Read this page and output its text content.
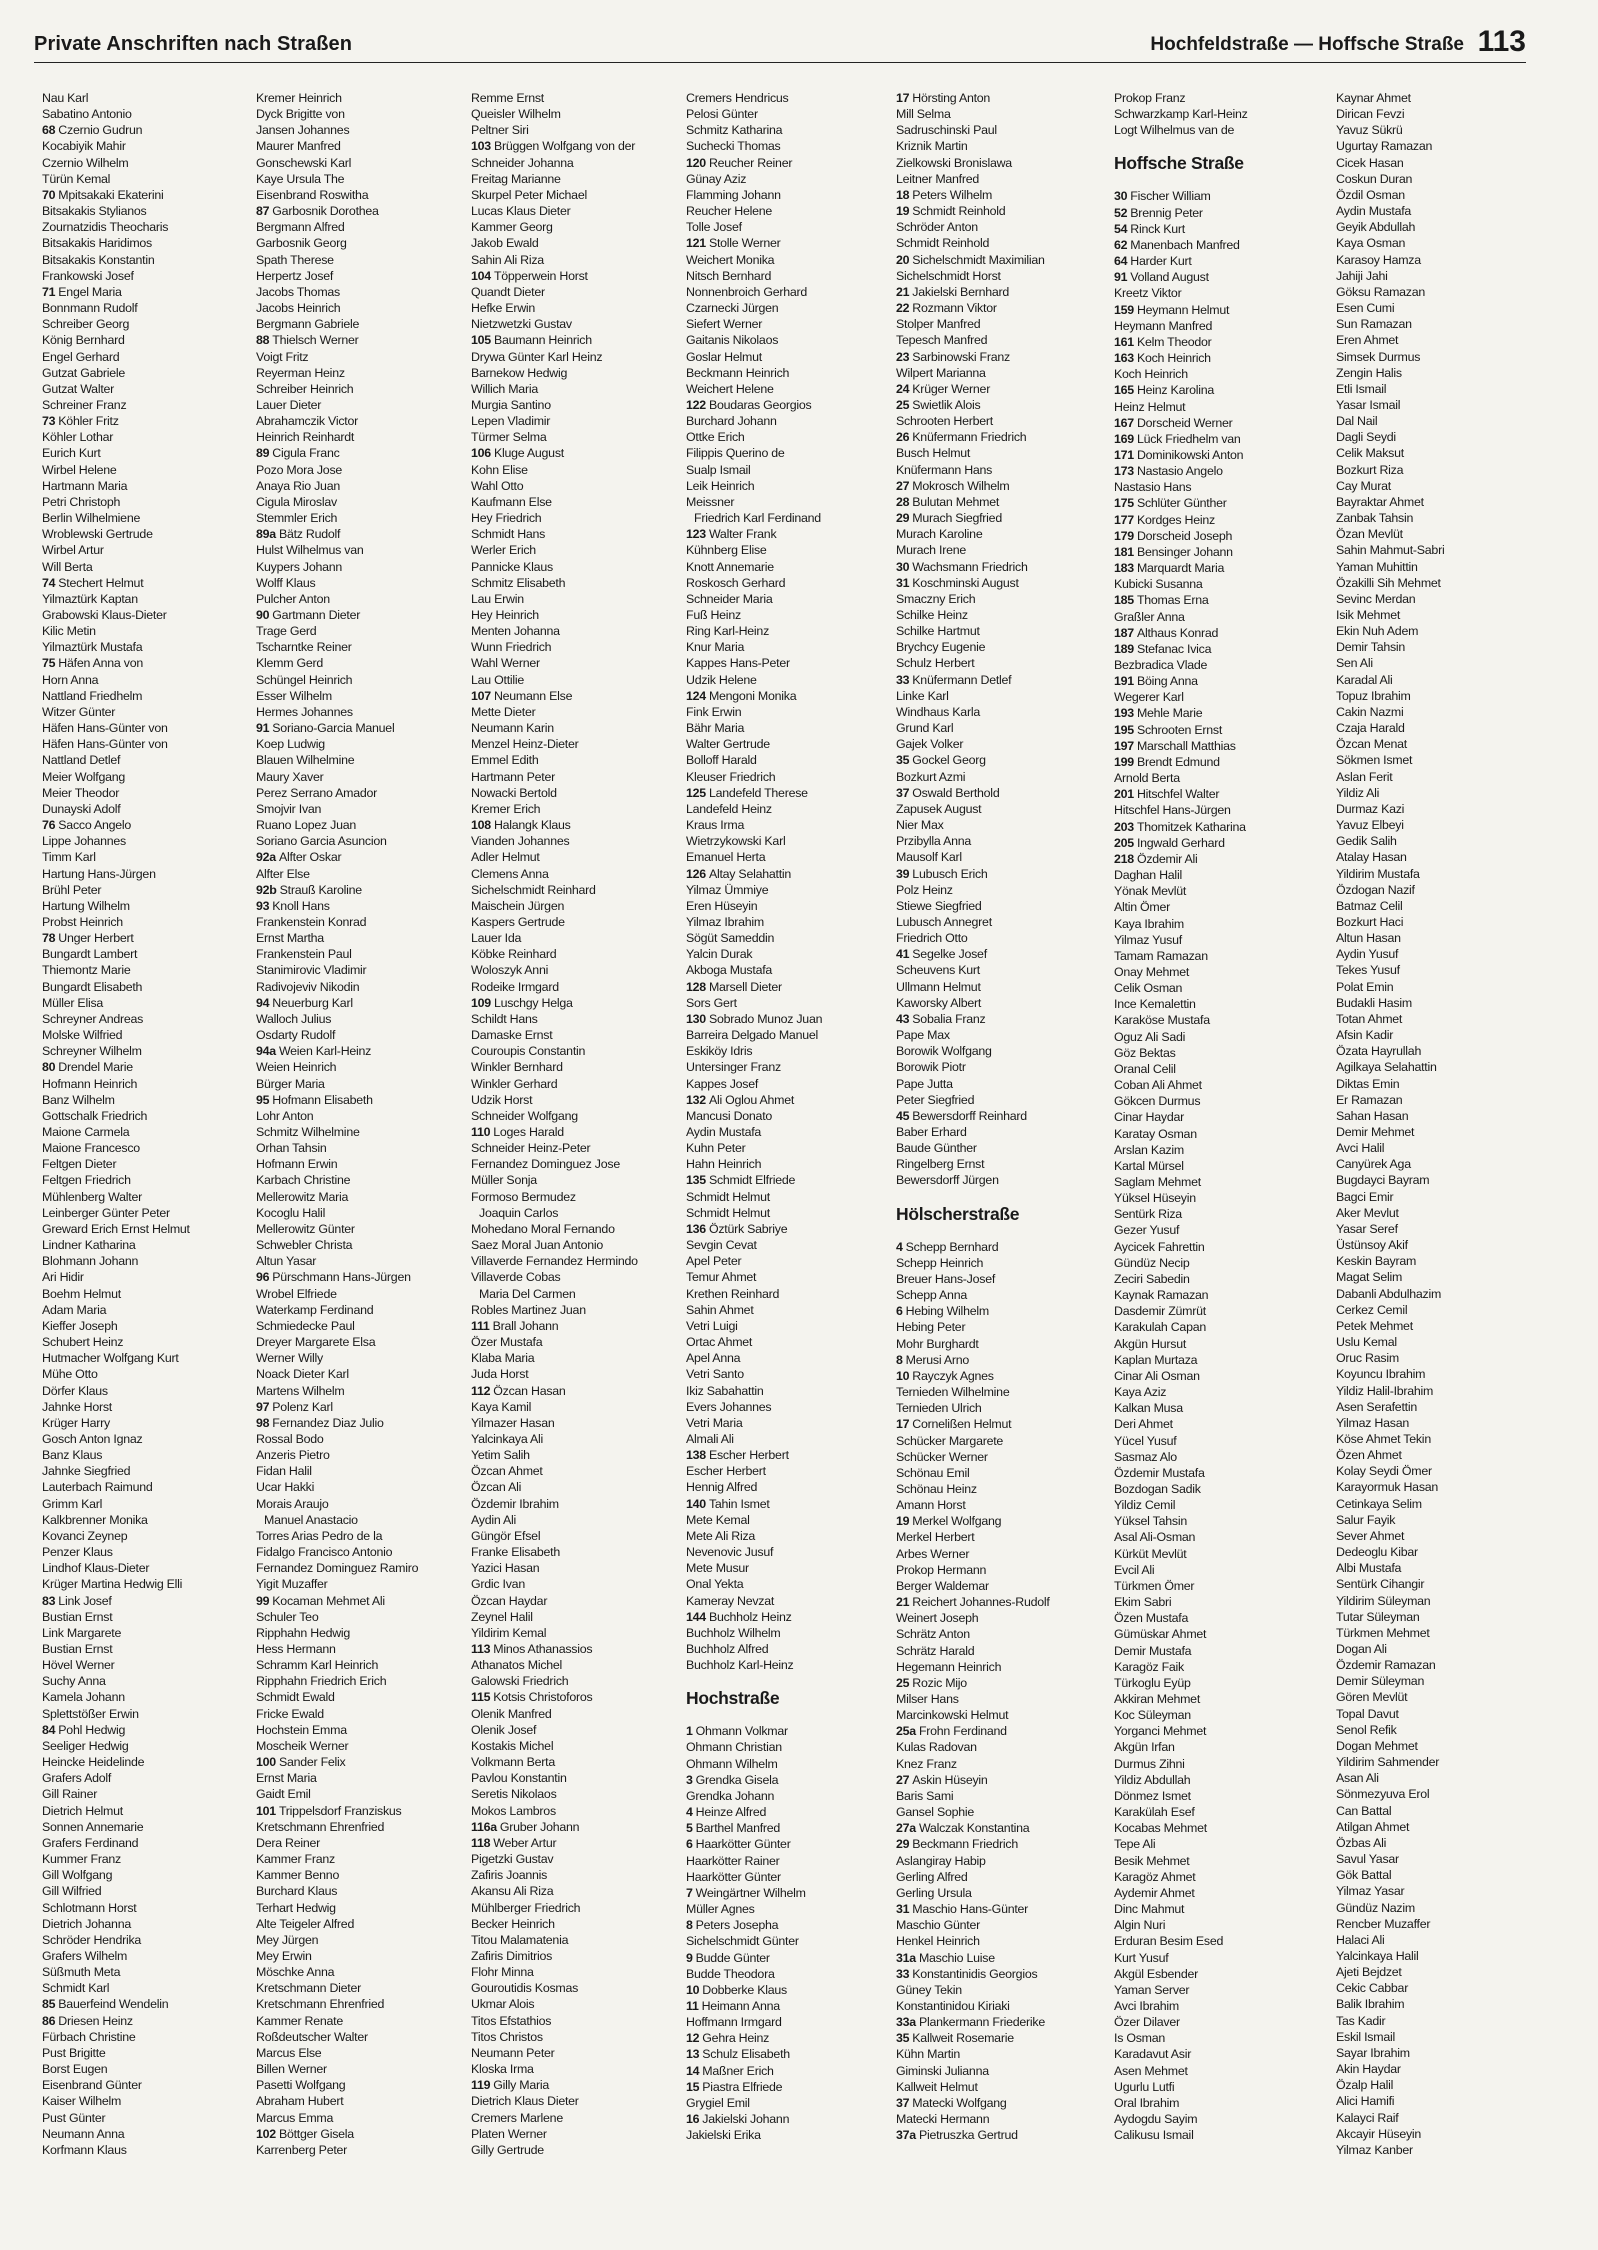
Private Anschriften nach Straßen	Hochfeldstraße — Hoffsche Straße 113
Nau Karl
Sabatino Antonio
68 Czernio Gudrun
Kocabiyik Mahir
Czernio Wilhelm
Türün Kemal
70 Mpitsakaki Ekaterini
Bitsakakis Stylianos
Zournatzidis Theocharis
Bitsakakis Haridimos
Bitsakakis Konstantin
Frankowski Josef
71 Engel Maria
Bonnmann Rudolf
Schreiber Georg
König Bernhard
Engel Gerhard
Gutzat Gabriele
Gutzat Walter
Schreiner Franz
73 Köhler Fritz
Köhler Lothar
Eurich Kurt
Wirbel Helene
Hartmann Maria
Petri Christoph
Berlin Wilhelmiene
Wroblewski Gertrude
Wirbel Artur
Will Berta
74 Stechert Helmut
Yilmaztürk Kaptan
Grabowski Klaus-Dieter
Kilic Metin
Yilmaztürk Mustafa
75 Häfen Anna von
Horn Anna
Nattland Friedhelm
Witzer Günter
Häfen Hans-Günter von
Häfen Hans-Günter von
Nattland Detlef
Meier Wolfgang
Meier Theodor
Dunayski Adolf
76 Sacco Angelo
Lippe Johannes
Timm Karl
Hartung Hans-Jürgen
Brühl Peter
Hartung Wilhelm
Probst Heinrich
78 Unger Herbert
Bungardt Lambert
Thiemontz Marie
Bungardt Elisabeth
Müller Elisa
Schreyner Andreas
Molske Wilfried
Schreyner Wilhelm
80 Drendel Marie
Hofmann Heinrich
Banz Wilhelm
Gottschalk Friedrich
Maione Carmela
Maione Francesco
Feltgen Dieter
Feltgen Friedrich
Mühlenberg Walter
Leinberger Günter Peter
Greward Erich Ernst Helmut
Lindner Katharina
Blohmann Johann
Ari Hidir
Boehm Helmut
Adam Maria
Kieffer Joseph
Schubert Heinz
Hutmacher Wolfgang Kurt
Mühe Otto
Dörfer Klaus
Jahnke Horst
Krüger Harry
Gosch Anton Ignaz
Banz Klaus
Jahnke Siegfried
Lauterbach Raimund
Grimm Karl
Kalkbrenner Monika
Kovanci Zeynep
Penzer Klaus
Lindhof Klaus-Dieter
Krüger Martina Hedwig Elli
83 Link Josef
Bustian Ernst
Link Margarete
Bustian Ernst
Hövel Werner
Suchy Anna
Kamela Johann
Splettstößer Erwin
84 Pohl Hedwig
Seeliger Hedwig
Heincke Heidelinde
Grafers Adolf
Gill Rainer
Dietrich Helmut
Sonnen Annemarie
Grafers Ferdinand
Kummer Franz
Gill Wolfgang
Gill Wilfried
Schlotmann Horst
Dietrich Johanna
Schröder Hendrika
Grafers Wilhelm
Süßmuth Meta
Schmidt Karl
85 Bauerfeind Wendelin
86 Driesen Heinz
Fürbach Christine
Pust Brigitte
Borst Eugen
Eisenbrand Günter
Kaiser Wilhelm
Pust Günter
Neumann Anna
Korfmann Klaus
Kremer Heinrich
Dyck Brigitte von
Jansen Johannes
Maurer Manfred
Gonschewski Karl
Kaye Ursula The
Eisenbrand Roswitha
87 Garbosnik Dorothea
Bergmann Alfred
Garbosnik Georg
Spath Therese
Herpertz Josef
Jacobs Thomas
Jacobs Heinrich
Bergmann Gabriele
88 Thielsch Werner
Voigt Fritz
Reyerman Heinz
Schreiber Heinrich
Lauer Dieter
Abrahamczik Victor
Heinrich Reinhardt
89 Cigula Franc
Pozo Mora Jose
Anaya Rio Juan
Cigula Miroslav
Stemmler Erich
89a Bätz Rudolf
Hulst Wilhelmus van
Kuypers Johann
Wolff Klaus
Pulcher Anton
90 Gartmann Dieter
Trage Gerd
Tscharntke Reiner
Klemm Gerd
Schüngel Heinrich
Esser Wilhelm
Hermes Johannes
91 Soriano-Garcia Manuel
Koep Ludwig
Blauen Wilhelmine
Maury Xaver
Perez Serrano Amador
Smojvir Ivan
Ruano Lopez Juan
Soriano Garcia Asuncion
92a Alfter Oskar
Alfter Else
92b Strauß Karoline
93 Knoll Hans
Frankenstein Konrad
Ernst Martha
Frankenstein Paul
Stanimirovic Vladimir
Radivojeviv Nikodin
94 Neuerburg Karl
Walloch Julius
Osdarty Rudolf
94a Weien Karl-Heinz
Weien Heinrich
Bürger Maria
95 Hofmann Elisabeth
Lohr Anton
Schmitz Wilhelmine
Orhan Tahsin
Hofmann Erwin
Karbach Christine
Mellerowitz Maria
Kocoglu Halil
Mellerowitz Günter
Schwebler Christa
Altun Yasar
96 Pürschmann Hans-Jürgen
Wrobel Elfriede
Waterkamp Ferdinand
Schmiedecke Paul
Dreyer Margarete Elsa
Werner Willy
Noack Dieter Karl
Martens Wilhelm
97 Polenz Karl
98 Fernandez Diaz Julio
Rossal Bodo
Anzeris Pietro
Fidan Halil
Ucar Hakki
Morais Araujo
Manuel Anastacio
Torres Arias Pedro de la
Fidalgo Francisco Antonio
Fernandez Dominguez Ramiro
Yigit Muzaffer
99 Kocaman Mehmet Ali
Schuler Teo
Ripphahn Hedwig
Hess Hermann
Schramm Karl Heinrich
Ripphahn Friedrich Erich
Schmidt Ewald
Fricke Ewald
Hochstein Emma
Moscheik Werner
100 Sander Felix
Ernst Maria
Gaidt Emil
101 Trippelsdorf Franziskus
Kretschmann Ehrenfried
Dera Reiner
Kammer Franz
Kammer Benno
Burchard Klaus
Terhart Hedwig
Alte Teigeler Alfred
Mey Jürgen
Mey Erwin
Möschke Anna
Kretschmann Dieter
Kretschmann Ehrenfried
Kammer Renate
Roßdeutscher Walter
Marcus Else
Billen Werner
Pasetti Wolfgang
Abraham Hubert
Marcus Emma
102 Böttger Gisela
Karrenberg Peter
Remme Ernst
Queisler Wilhelm
Peltner Siri
103 Brüggen Wolfgang von der
Schneider Johanna
Freitag Marianne
Skurpel Peter Michael
Lucas Klaus Dieter
Kammer Georg
Jakob Ewald
Sahin Ali Riza
104 Töpperwein Horst
Quandt Dieter
Hefke Erwin
Nietzwetzki Gustav
105 Baumann Heinrich
Drywa Günter Karl Heinz
Barnekow Hedwig
Willich Maria
Murgia Santino
Lepen Vladimir
Türmer Selma
106 Kluge August
Kohn Elise
Wahl Otto
Kaufmann Else
Hey Friedrich
Schmidt Hans
Werler Erich
Pannicke Klaus
Schmitz Elisabeth
Lau Erwin
Hey Heinrich
Menten Johanna
Wunn Friedrich
Wahl Werner
Lau Ottilie
107 Neumann Else
Mette Dieter
Neumann Karin
Menzel Heinz-Dieter
Emmel Edith
Hartmann Peter
Nowacki Bertold
Kremer Erich
108 Halangk Klaus
Vianden Johannes
Adler Helmut
Clemens Anna
Sichelschmidt Reinhard
Maischein Jürgen
Kaspers Gertrude
Lauer Ida
Köbke Reinhard
Woloszyk Anni
Rodeike Irmgard
109 Luschgy Helga
Schildt Hans
Damaske Ernst
Couroupis Constantin
Winkler Bernhard
Winkler Gerhard
Udzik Horst
Schneider Wolfgang
110 Loges Harald
Schneider Heinz-Peter
Fernandez Dominguez Jose
Müller Sonja
Formoso Bermudez
Joaquin Carlos
Mohedano Moral Fernando
Saez Moral Juan Antonio
Villaverde Fernandez Hermindo
Villaverde Cobas
Maria Del Carmen
Robles Martinez Juan
111 Brall Johann
Özer Mustafa
Klaba Maria
Juda Horst
112 Özcan Hasan
Kaya Kamil
Yilmazer Hasan
Yalcinkaya Ali
Yetim Salih
Özcan Ahmet
Özcan Ali
Özdemir Ibrahim
Aydin Ali
Güngör Efsel
Franke Elisabeth
Yazici Hasan
Grdic Ivan
Özcan Haydar
Zeynel Halil
Yildirim Kemal
113 Minos Athanassios
Athanatos Michel
Galowski Friedrich
115 Kotsis Christoforos
Olenik Manfred
Olenik Josef
Kostakis Michel
Volkmann Berta
Pavlou Konstantin
Seretis Nikolaos
Mokos Lambros
116a Gruber Johann
118 Weber Artur
Pigetzki Gustav
Zafiris Joannis
Akansu Ali Riza
Mühlberger Friedrich
Becker Heinrich
Titou Malamatenia
Zafiris Dimitrios
Flohr Minna
Gouroutidis Kosmas
Ukmar Alois
Titos Efstathios
Titos Christos
Neumann Peter
Kloska Irma
119 Gilly Maria
Dietrich Klaus Dieter
Cremers Marlene
Platen Werner
Gilly Gertrude
Cremers Hendricus
Pelosi Günter
Schmitz Katharina
Suchecki Thomas
120 Reucher Reiner
Günay Aziz
Flamming Johann
Reucher Helene
Tolle Josef
121 Stolle Werner
Weichert Monika
Nitsch Bernhard
Nonnenbroich Gerhard
Czarnecki Jürgen
Siefert Werner
Gaitanis Nikolaos
Goslar Helmut
Beckmann Heinrich
Weichert Helene
122 Boudaras Georgios
Burchard Johann
Ottke Erich
Filippis Querino de
Sualp Ismail
Leik Heinrich
Meissner
Friedrich Karl Ferdinand
123 Walter Frank
Kühnberg Elise
Knott Annemarie
Roskosch Gerhard
Schneider Maria
Fuß Heinz
Ring Karl-Heinz
Knur Maria
Kappes Hans-Peter
Udzik Helene
124 Mengoni Monika
Fink Erwin
Bähr Maria
Walter Gertrude
Bolloff Harald
Kleuser Friedrich
125 Landefeld Therese
Landefeld Heinz
Kraus Irma
Wietrzykowski Karl
Emanuel Herta
126 Altay Selahattin
Yilmaz Ümmiye
Eren Hüseyin
Yilmaz Ibrahim
Sögüt Sameddin
Yalcin Durak
Akboga Mustafa
128 Marsell Dieter
Sors Gert
130 Sobrado Munoz Juan
Barreira Delgado Manuel
Eskiköy Idris
Untersinger Franz
Kappes Josef
132 Ali Oglou Ahmet
Mancusi Donato
Aydin Mustafa
Kuhn Peter
Hahn Heinrich
135 Schmidt Elfriede
Schmidt Helmut
Schmidt Helmut
136 Öztürk Sabriye
Sevgin Cevat
Apel Peter
Temur Ahmet
Krethen Reinhard
Sahin Ahmet
Vetri Luigi
Ortac Ahmet
Apel Anna
Vetri Santo
Ikiz Sabahattin
Evers Johannes
Vetri Maria
Almali Ali
138 Escher Herbert
Escher Herbert
Hennig Alfred
140 Tahin Ismet
Mete Kemal
Mete Ali Riza
Nevenovic Jusuf
Mete Musur
Onal Yekta
Kameray Nevzat
144 Buchholz Heinz
Buchholz Wilhelm
Buchholz Alfred
Buchholz Karl-Heinz
Hochstraße
1 Ohmann Volkmar
Ohmann Christian
Ohmann Wilhelm
3 Grendka Gisela
Grendka Johann
4 Heinze Alfred
5 Barthel Manfred
6 Haarkötter Günter
Haarkötter Rainer
Haarkötter Günter
7 Weingärtner Wilhelm
Müller Agnes
8 Peters Josepha
Sichelschmidt Günter
9 Budde Günter
Budde Theodora
10 Dobberke Klaus
11 Heimann Anna
Hoffmann Irmgard
12 Gehra Heinz
13 Schulz Elisabeth
14 Maßner Erich
15 Piastra Elfriede
Grygiel Emil
16 Jakielski Johann
Jakielski Erika
17 Hörsting Anton
Mill Selma
Sadruschinski Paul
Kriznik Martin
Zielkowski Bronislawa
Leitner Manfred
18 Peters Wilhelm
19 Schmidt Reinhold
Schröder Anton
Schmidt Reinhold
20 Sichelschmidt Maximilian
Sichelschmidt Horst
21 Jakielski Bernhard
22 Rozmann Viktor
Stolper Manfred
Tepesch Manfred
23 Sarbinowski Franz
Wilpert Marianna
24 Krüger Werner
25 Swietlik Alois
Schrooten Herbert
26 Knüfermann Friedrich
Busch Helmut
Knüfermann Hans
27 Mokrosch Wilhelm
28 Bulutan Mehmet
29 Murach Siegfried
Murach Karoline
Murach Irene
30 Wachsmann Friedrich
31 Koschminski August
Smaczny Erich
Schilke Heinz
Schilke Hartmut
Brychcy Eugenie
Schulz Herbert
33 Knüfermann Detlef
Linke Karl
Windhaus Karla
Grund Karl
Gajek Volker
35 Gockel Georg
Bozkurt Azmi
37 Oswald Berthold
Zapusek August
Nier Max
Przibylla Anna
Mausolf Karl
39 Lubusch Erich
Polz Heinz
Stiewe Siegfried
Lubusch Annegret
Friedrich Otto
41 Segelke Josef
Scheuvens Kurt
Ullmann Helmut
Kaworsky Albert
43 Sobalia Franz
Pape Max
Borowik Wolfgang
Borowik Piotr
Pape Jutta
Peter Siegfried
45 Bewersdorff Reinhard
Baber Erhard
Baude Günther
Ringelberg Ernst
Bewersdorff Jürgen
Hölscherstraße
4 Schepp Bernhard
Schepp Heinrich
Breuer Hans-Josef
Schepp Anna
6 Hebing Wilhelm
Hebing Peter
Mohr Burghardt
8 Merusi Arno
10 Rayczyk Agnes
Ternieden Wilhelmine
Ternieden Ulrich
17 Cornelißen Helmut
Schücker Margarete
Schücker Werner
Schönau Emil
Schönau Heinz
Amann Horst
19 Merkel Wolfgang
Merkel Herbert
Arbes Werner
Prokop Hermann
Berger Waldemar
21 Reichert Johannes-Rudolf
Weinert Joseph
Schrätz Anton
Schrätz Harald
Hegemann Heinrich
25 Rozic Mijo
Milser Hans
Marcinkowski Helmut
25a Frohn Ferdinand
Kulas Radovan
Knez Franz
27 Askin Hüseyin
Baris Sami
Gansel Sophie
27a Walczak Konstantina
29 Beckmann Friedrich
Aslangiray Habip
Gerling Alfred
Gerling Ursula
31 Maschio Hans-Günter
Maschio Günter
Henkel Heinrich
31a Maschio Luise
33 Konstantinidis Georgios
Güney Tekin
Konstantinidou Kiriaki
33a Plankermann Friederike
35 Kallweit Rosemarie
Kühn Martin
Giminski Julianna
Kallweit Helmut
37 Matecki Wolfgang
Matecki Hermann
37a Pietruszka Gertrud
Prokop Franz
Schwarzkamp Karl-Heinz
Logt Wilhelmus van de
Hoffsche Straße
30 Fischer William
52 Brennig Peter
54 Rinck Kurt
62 Manenbach Manfred
64 Harder Kurt
91 Volland August
Kreetz Viktor
159 Heymann Helmut
Heymann Manfred
161 Kelm Theodor
163 Koch Heinrich
Koch Heinrich
165 Heinz Karolina
Heinz Helmut
167 Dorscheid Werner
169 Lück Friedhelm van
171 Dominikowski Anton
173 Nastasio Angelo
Nastasio Hans
175 Schlüter Günther
177 Kordges Heinz
179 Dorscheid Joseph
181 Bensinger Johann
183 Marquardt Maria
Kubicki Susanna
185 Thomas Erna
Graßler Anna
187 Althaus Konrad
189 Stefanac Ivica
Bezbradica Vlade
191 Böing Anna
Wegerer Karl
193 Mehle Marie
195 Schrooten Ernst
197 Marschall Matthias
199 Brendt Edmund
Arnold Berta
201 Hitschfel Walter
Hitschfel Hans-Jürgen
203 Thomitzek Katharina
205 Ingwald Gerhard
218 Özdemir Ali
Daghan Halil
Yönak Mevlüt
Altin Ömer
Kaya Ibrahim
Yilmaz Yusuf
Tamam Ramazan
Onay Mehmet
Celik Osman
Ince Kemalettin
Karaköse Mustafa
Oguz Ali Sadi
Göz Bektas
Oranal Celil
Coban Ali Ahmet
Gökcen Durmus
Cinar Haydar
Karatay Osman
Arslan Kazim
Kartal Mürsel
Saglam Mehmet
Yüksel Hüseyin
Sentürk Riza
Gezer Yusuf
Aycicek Fahrettin
Gündüz Necip
Zeciri Sabedin
Kaynak Ramazan
Dasdemir Zümrüt
Karakulah Capan
Akgün Hursut
Kaplan Murtaza
Cinar Ali Osman
Kaya Aziz
Kalkan Musa
Deri Ahmet
Yücel Yusuf
Sasmaz Alo
Özdemir Mustafa
Bozdogan Sadik
Yildiz Cemil
Yüksel Tahsin
Asal Ali-Osman
Kürküt Mevlüt
Evcil Ali
Türkmen Ömer
Ekim Sabri
Özen Mustafa
Gümüskar Ahmet
Demir Mustafa
Karagöz Faik
Türkoglu Eyüp
Akkiran Mehmet
Koc Süleyman
Yorganci Mehmet
Akgün Irfan
Durmus Zihni
Yildiz Abdullah
Dönmez Ismet
Karakülah Esef
Kocabas Mehmet
Tepe Ali
Besik Mehmet
Karagöz Ahmet
Aydemir Ahmet
Dinc Mahmut
Algin Nuri
Erduran Besim Esed
Kurt Yusuf
Akgül Esbender
Yaman Server
Avci Ibrahim
Özer Dilaver
Is Osman
Karadavut Asir
Asen Mehmet
Ugurlu Lutfi
Oral Ibrahim
Aydogdu Sayim
Calikusu Ismail
Kaynar Ahmet
Dirican Fevzi
Yavuz Sükrü
Ugurtay Ramazan
Cicek Hasan
Coskun Duran
Özdil Osman
Aydin Mustafa
Geyik Abdullah
Kaya Osman
Karasoy Hamza
Jahiji Jahi
Göksu Ramazan
Esen Cumi
Sun Ramazan
Eren Ahmet
Simsek Durmus
Zengin Halis
Etli Ismail
Yasar Ismail
Dal Nail
Dagli Seydi
Celik Maksut
Bozkurt Riza
Cay Murat
Bayraktar Ahmet
Zanbak Tahsin
Özan Mevlüt
Sahin Mahmut-Sabri
Yaman Muhittin
Özakilli Sih Mehmet
Sevinc Merdan
Isik Mehmet
Ekin Nuh Adem
Demir Tahsin
Sen Ali
Karadal Ali
Topuz Ibrahim
Cakin Nazmi
Czaja Harald
Özcan Menat
Sökmen Ismet
Aslan Ferit
Yildiz Ali
Durmaz Kazi
Yavuz Elbeyi
Gedik Salih
Atalay Hasan
Yildirim Mustafa
Özdogan Nazif
Batmaz Celil
Bozkurt Haci
Altun Hasan
Aydin Yusuf
Tekes Yusuf
Polat Emin
Budakli Hasim
Totan Ahmet
Afsin Kadir
Özata Hayrullah
Agilkaya Selahattin
Diktas Emin
Er Ramazan
Sahan Hasan
Demir Mehmet
Avci Halil
Canyürek Aga
Bugdayci Bayram
Bagci Emir
Aker Mevlut
Yasar Seref
Üstünsoy Akif
Keskin Bayram
Magat Selim
Dabanli Abdulhazim
Cerkez Cemil
Petek Mehmet
Uslu Kemal
Oruc Rasim
Koyuncu Ibrahim
Yildiz Halil-Ibrahim
Asen Serafettin
Yilmaz Hasan
Köse Ahmet Tekin
Özen Ahmet
Kolay Seydi Ömer
Karayormuk Hasan
Cetinkaya Selim
Salur Fayik
Sever Ahmet
Dedeoglu Kibar
Albi Mustafa
Sentürk Cihangir
Yildirim Süleyman
Tutar Süleyman
Türkmen Mehmet
Dogan Ali
Özdemir Ramazan
Demir Süleyman
Gören Mevlüt
Topal Davut
Senol Refik
Dogan Mehmet
Yildirim Sahmender
Asan Ali
Sönmezyuva Erol
Can Battal
Atilgan Ahmet
Özbas Ali
Savul Yasar
Gök Battal
Yilmaz Yasar
Gündüz Nazim
Rencber Muzaffer
Halaci Ali
Yalcinkaya Halil
Ajeti Bejdzet
Cekic Cabbar
Balik Ibrahim
Tas Kadir
Eskil Ismail
Sayar Ibrahim
Akin Haydar
Özalp Halil
Alici Hamifi
Kalayci Raif
Akcayir Hüseyin
Yilmaz Kanber
